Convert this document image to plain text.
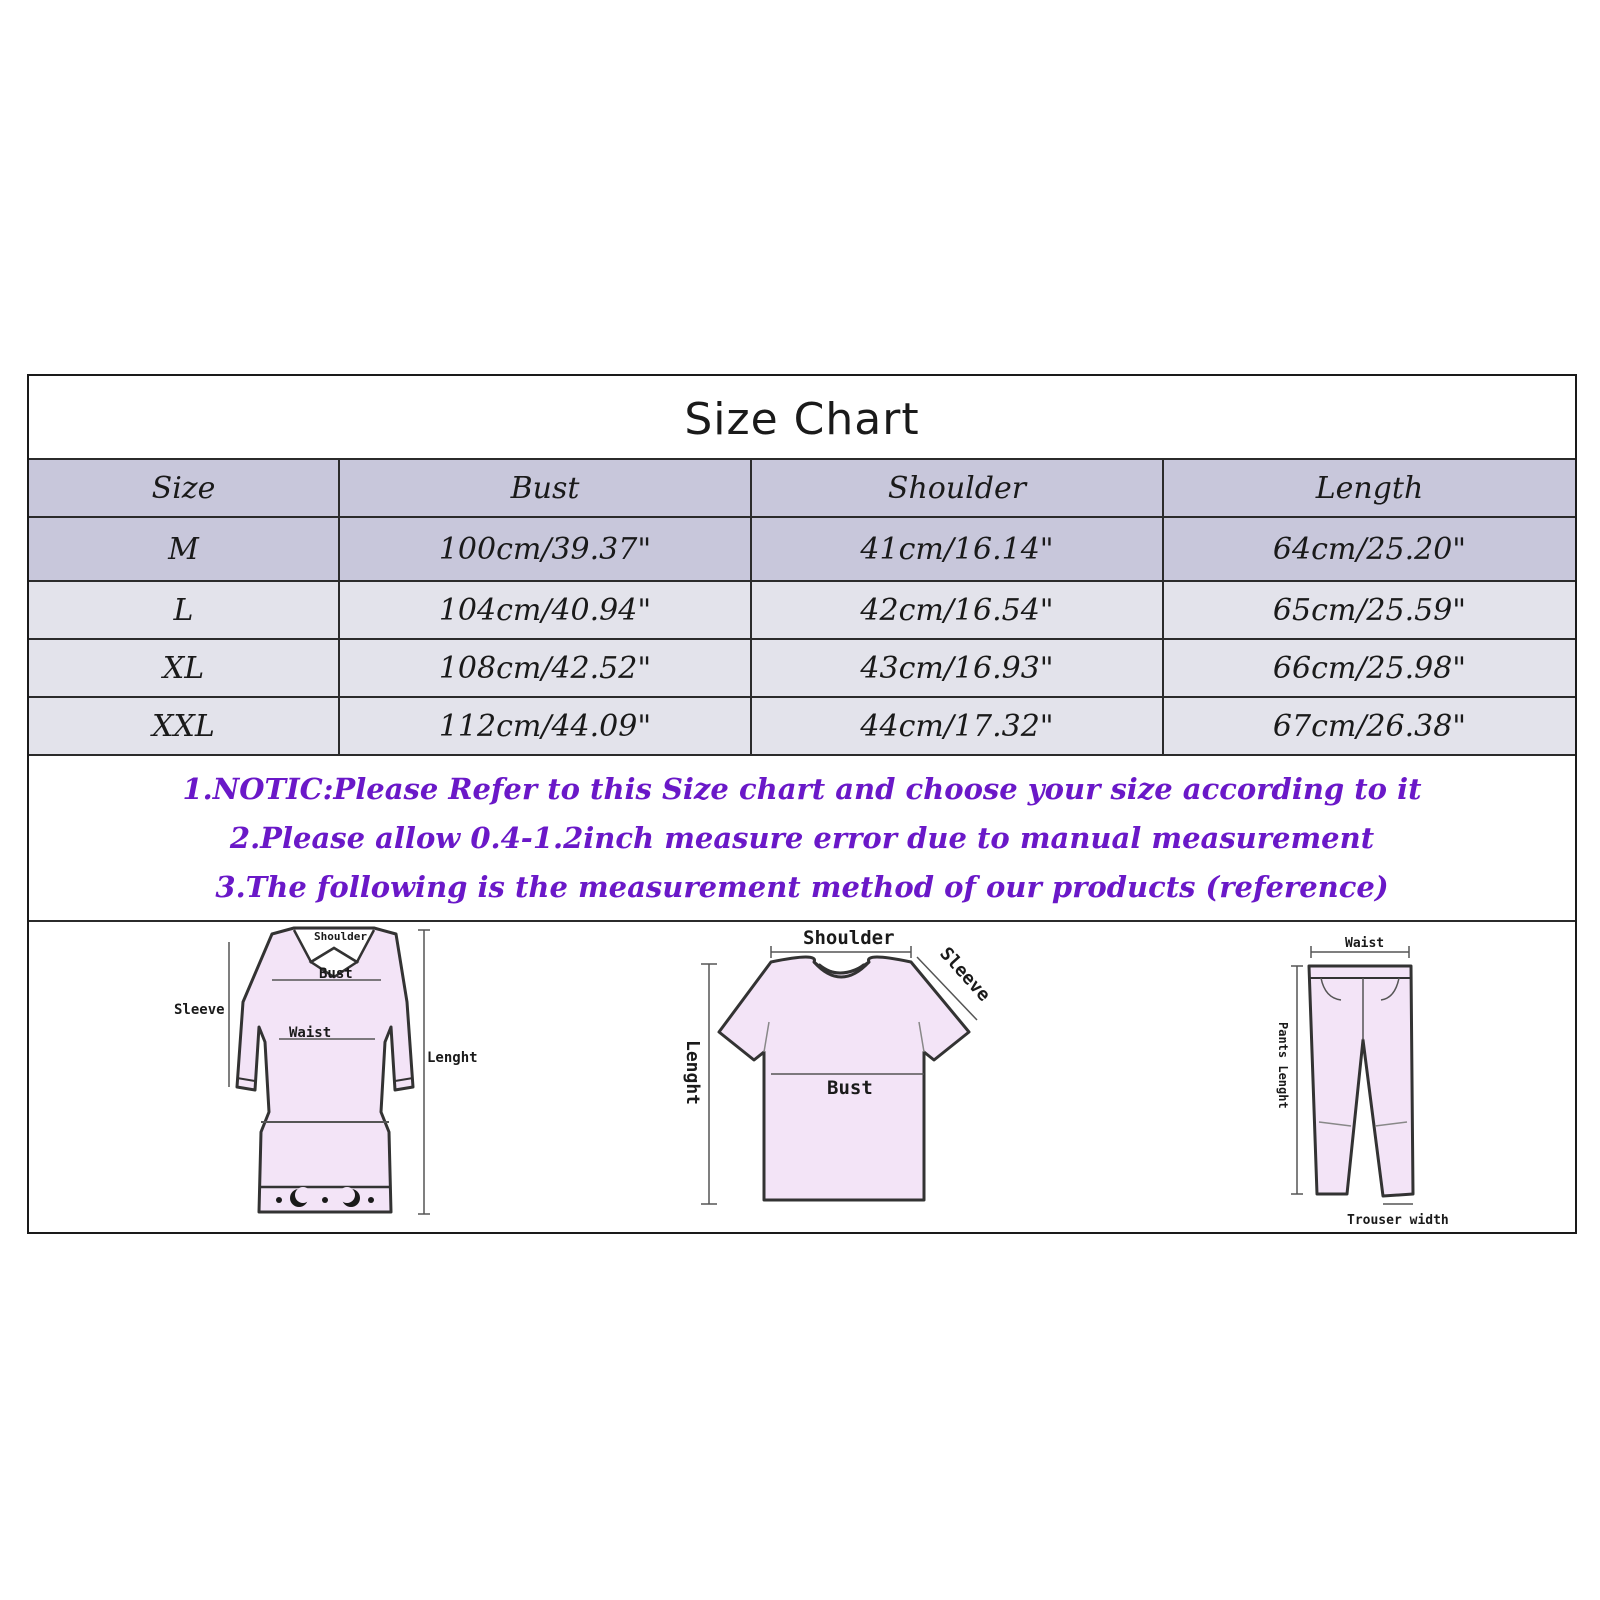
Size Chart
Size	Bust	Shoulder	Length
M	100cm/39.37"	41cm/16.14"	64cm/25.20"
L	104cm/40.94"	42cm/16.54"	65cm/25.59"
XL	108cm/42.52"	43cm/16.93"	66cm/25.98"
XXL	112cm/44.09"	44cm/17.32"	67cm/26.38"
1.NOTIC:Please Refer to this Size chart and choose your size according to it
2.Please allow 0.4-1.2inch measure error due to manual measurement
3.The following is the measurement method of our products (reference)
Shoulder
Bust
Sleeve
Waist
Lenght
Shoulder
Sleeve
Lenght	Bust
Waist
Pants Lenght
Trouser width
